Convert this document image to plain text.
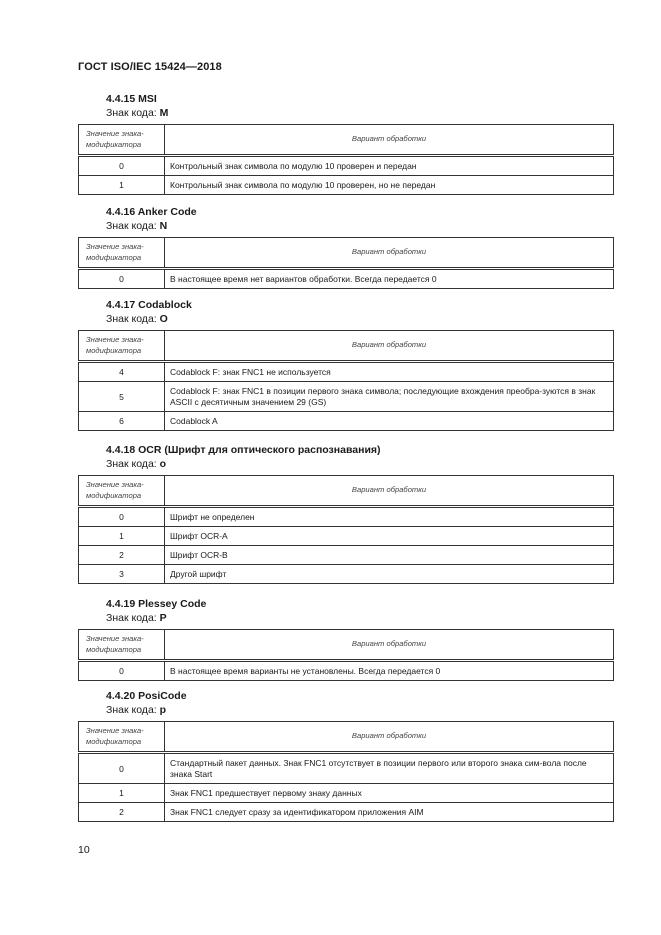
ГОСТ ISO/IEC 15424—2018
4.4.15 MSI
Знак кода: M
Значение знака-модификатора	Вариант обработки
0	Контрольный знак символа по модулю 10 проверен и передан
1	Контрольный знак символа по модулю 10 проверен, но не передан
4.4.16 Anker Code
Знак кода: N
Значение знака-модификатора	Вариант обработки
0	В настоящее время нет вариантов обработки. Всегда передается 0
4.4.17 Codablock
Знак кода: O
Значение знака-модификатора	Вариант обработки
4	Codablock F: знак FNC1 не используется
5	Codablock F: знак FNC1 в позиции первого знака символа; последующие вхождения преобра-зуются в знак ASCII с десятичным значением 29 (GS)
6	Codablock A
4.4.18 OCR (Шрифт для оптического распознавания)
Знак кода: o
Значение знака-модификатора	Вариант обработки
0	Шрифт не определен
1	Шрифт OCR-A
2	Шрифт OCR-B
3	Другой шрифт
4.4.19 Plessey Code
Знак кода: P
Значение знака-модификатора	Вариант обработки
0	В настоящее время варианты не установлены. Всегда передается 0
4.4.20 PosiCode
Знак кода: p
Значение знака-модификатора	Вариант обработки
0	Стандартный пакет данных. Знак FNC1 отсутствует в позиции первого или второго знака сим-вола после знака Start
1	Знак FNC1 предшествует первому знаку данных
2	Знак FNC1 следует сразу за идентификатором приложения AIM
10
